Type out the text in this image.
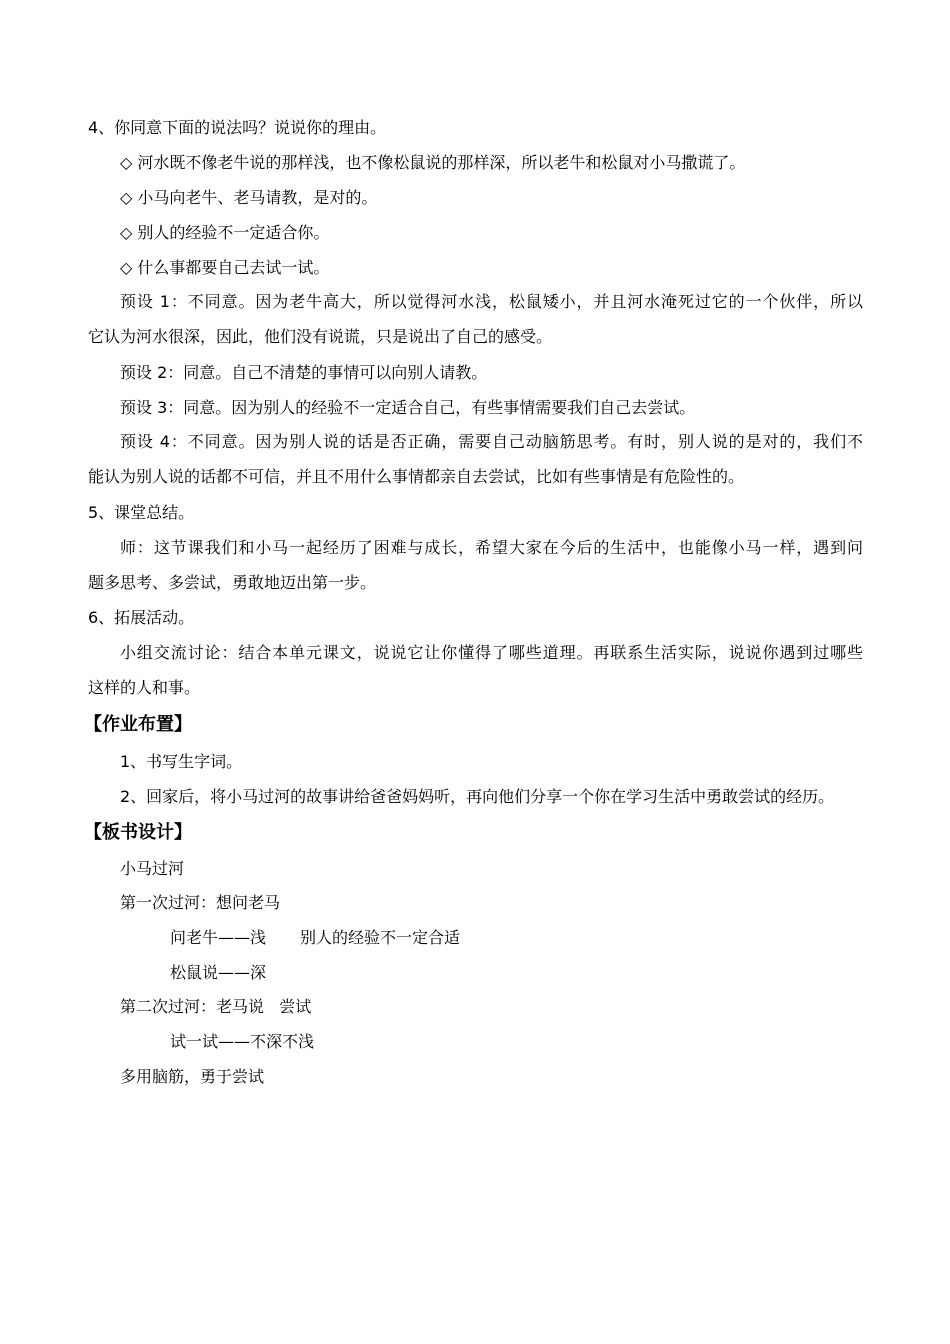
4、你同意下面的说法吗？说说你的理由。
◇ 河水既不像老牛说的那样浅，也不像松鼠说的那样深，所以老牛和松鼠对小马撒谎了。
◇ 小马向老牛、老马请教，是对的。
◇ 别人的经验不一定适合你。
◇ 什么事都要自己去试一试。
预设 1：不同意。因为老牛高大，所以觉得河水浅，松鼠矮小，并且河水淹死过它的一个伙伴，所以
它认为河水很深，因此，他们没有说谎，只是说出了自己的感受。
预设 2：同意。自己不清楚的事情可以向别人请教。
预设 3：同意。因为别人的经验不一定适合自己，有些事情需要我们自己去尝试。
预设 4：不同意。因为别人说的话是否正确，需要自己动脑筋思考。有时，别人说的是对的，我们不
能认为别人说的话都不可信，并且不用什么事情都亲自去尝试，比如有些事情是有危险性的。
5、课堂总结。
师：这节课我们和小马一起经历了困难与成长，希望大家在今后的生活中，也能像小马一样，遇到问
题多思考、多尝试，勇敢地迈出第一步。
6、拓展活动。
小组交流讨论：结合本单元课文，说说它让你懂得了哪些道理。再联系生活实际，说说你遇到过哪些
这样的人和事。
【作业布置】
1、书写生字词。
2、回家后，将小马过河的故事讲给爸爸妈妈听，再向他们分享一个你在学习生活中勇敢尝试的经历。
【板书设计】
小马过河
第一次过河：想问老马
问老牛——浅 别人的经验不一定合适
松鼠说——深
第二次过河：老马说   尝试
试一试——不深不浅
多用脑筋，勇于尝试
